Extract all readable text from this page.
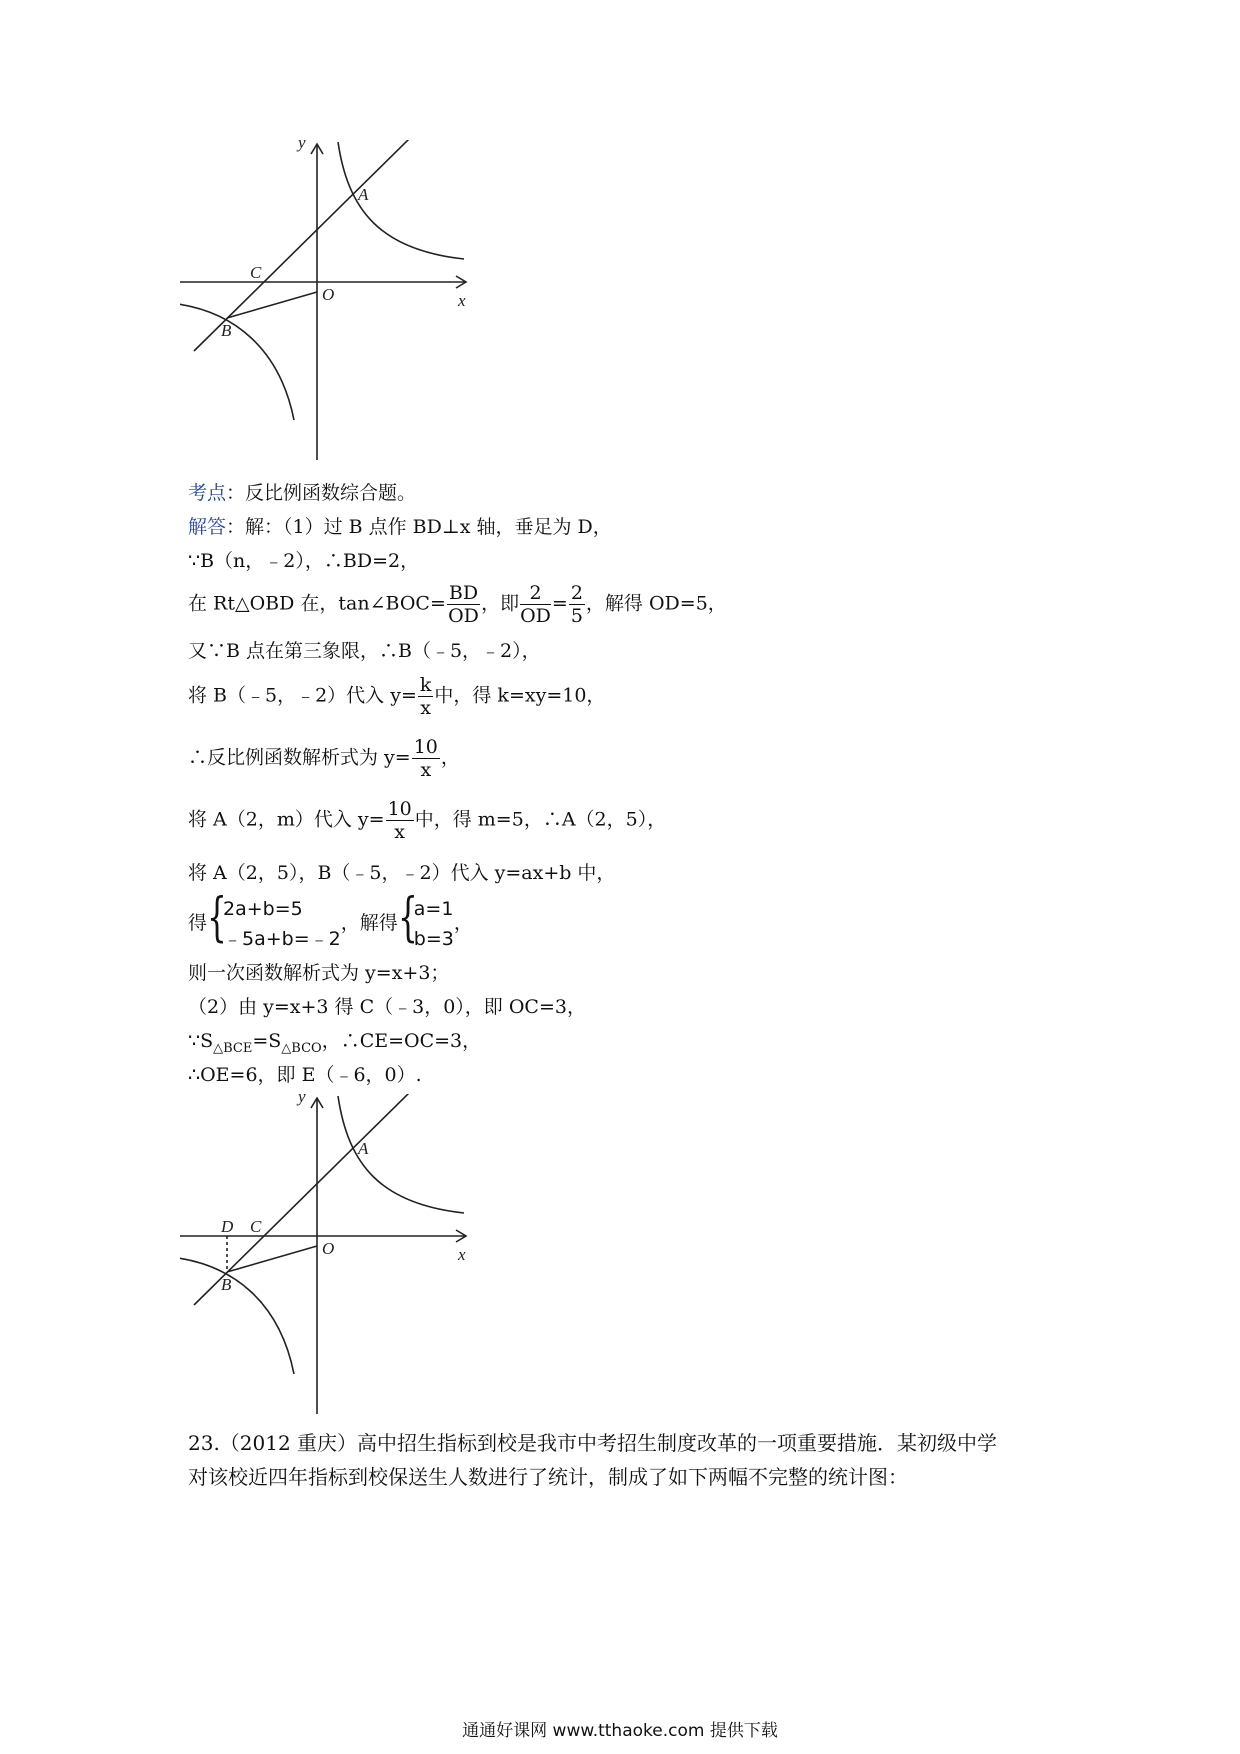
y
x
O
A
B
C
考点：反比例函数综合题。
解答：解：（1）过 B 点作 BD⊥x 轴，垂足为 D，
∵B（n，﹣2），∴BD=2，
在 Rt△OBD 在，tan∠BOC= $\frac{BD}{OD}$ ，即 $\frac{2}{OD} = \frac{2}{5}$ ，解得 OD=5，
又∵B 点在第三象限，∴B（﹣5，﹣2），
将 B（﹣5，﹣2）代入 $y= \frac{k}{x}$ 中，得 k=xy=10，
∴反比例函数解析式为 $y= \frac{10}{x}$ ，
将 A（2，m）代入 $y= \frac{10}{x}$ 中，得 m=5，∴A（2，5），
将 A（2，5），B（﹣5，﹣2）代入 y=ax+b 中，
得 {
2a+b=5
﹣5a+b=﹣2
，解得 {
a=1
b=3
，
则一次函数解析式为 y=x+3；
（2）由 y=x+3 得 C（﹣3，0），即 OC=3，
$\because S_{\triangle BCE}=S_{\triangle BCO}$，∴CE=OC=3，
∴OE=6，即 E（﹣6，0）.
y
x
O
A
B
C
D
23.（2012 重庆）高中招生指标到校是我市中考招生制度改革的一项重要措施．某初级中学
对该校近四年指标到校保送生人数进行了统计，制成了如下两幅不完整的统计图：
通通好课网 www.tthaoke.com 提供下载
